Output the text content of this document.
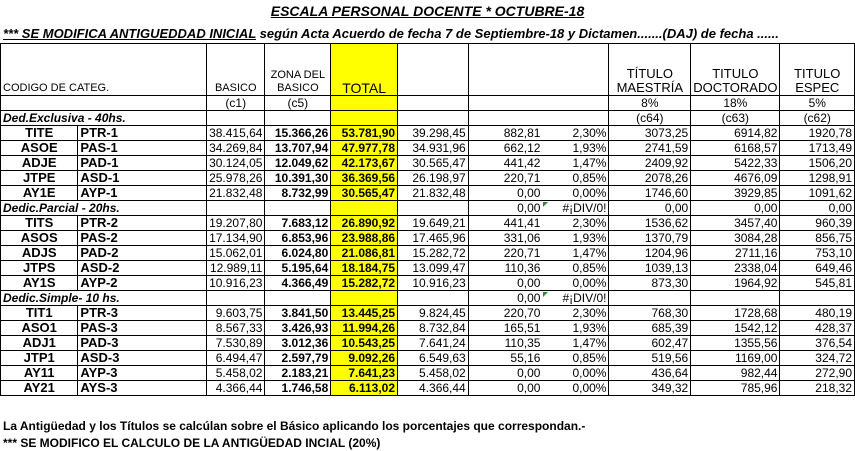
ESCALA PERSONAL DOCENTE * OCTUBRE-18
*** SE MODIFICA ANTIGUEDDAD INICIAL según Acta Acuerdo de fecha 7 de Septiembre-18 y Dictamen.......(DAJ) de fecha ......
CODIGO DE CATEG.		BASICO	ZONA DEL BASICO	TOTAL				TÍTULO MAESTRÍA	TITULO DOCTORADO	TITULO ESPEC
		(c1)	(c5)					8%	18%	5%
Ded.Exclusiva - 40hs.								(c64)	(c63)	(c62)
TITE	PTR-1	38.415,64	15.366,26	53.781,90	39.298,45	882,81	2,30%	3073,25	6914,82	1920,78
ASOE	PAS-1	34.269,84	13.707,94	47.977,78	34.931,96	662,12	1,93%	2741,59	6168,57	1713,49
ADJE	PAD-1	30.124,05	12.049,62	42.173,67	30.565,47	441,42	1,47%	2409,92	5422,33	1506,20
JTPE	ASD-1	25.978,26	10.391,30	36.369,56	26.198,97	220,71	0,85%	2078,26	4676,09	1298,91
AY1E	AYP-1	21.832,48	8.732,99	30.565,47	21.832,48	0,00	0,00%	1746,60	3929,85	1091,62
Dedic.Parcial - 20hs.						0,00	#¡DIV/0!	0,00	0,00	0,00
TITS	PTR-2	19.207,80	7.683,12	26.890,92	19.649,21	441,41	2,30%	1536,62	3457,40	960,39
ASOS	PAS-2	17.134,90	6.853,96	23.988,86	17.465,96	331,06	1,93%	1370,79	3084,28	856,75
ADJS	PAD-2	15.062,01	6.024,80	21.086,81	15.282,72	220,71	1,47%	1204,96	2711,16	753,10
JTPS	ASD-2	12.989,11	5.195,64	18.184,75	13.099,47	110,36	0,85%	1039,13	2338,04	649,46
AY1S	AYP-2	10.916,23	4.366,49	15.282,72	10.916,23	0,00	0,00%	873,30	1964,92	545,81
Dedic.Simple- 10 hs.						0,00	#¡DIV/0!			
TIT1	PTR-3	9.603,75	3.841,50	13.445,25	9.824,45	220,70	2,30%	768,30	1728,68	480,19
ASO1	PAS-3	8.567,33	3.426,93	11.994,26	8.732,84	165,51	1,93%	685,39	1542,12	428,37
ADJ1	PAD-3	7.530,89	3.012,36	10.543,25	7.641,24	110,35	1,47%	602,47	1355,56	376,54
JTP1	ASD-3	6.494,47	2.597,79	9.092,26	6.549,63	55,16	0,85%	519,56	1169,00	324,72
AY11	AYP-3	5.458,02	2.183,21	7.641,23	5.458,02	0,00	0,00%	436,64	982,44	272,90
AY21	AYS-3	4.366,44	1.746,58	6.113,02	4.366,44	0,00	0,00%	349,32	785,96	218,32
La Antigüedad y los Títulos se calcúlan sobre el Básico aplicando los porcentajes que correspondan.-
*** SE MODIFICO EL CALCULO DE LA ANTIGÜEDAD INCIAL (20%)
